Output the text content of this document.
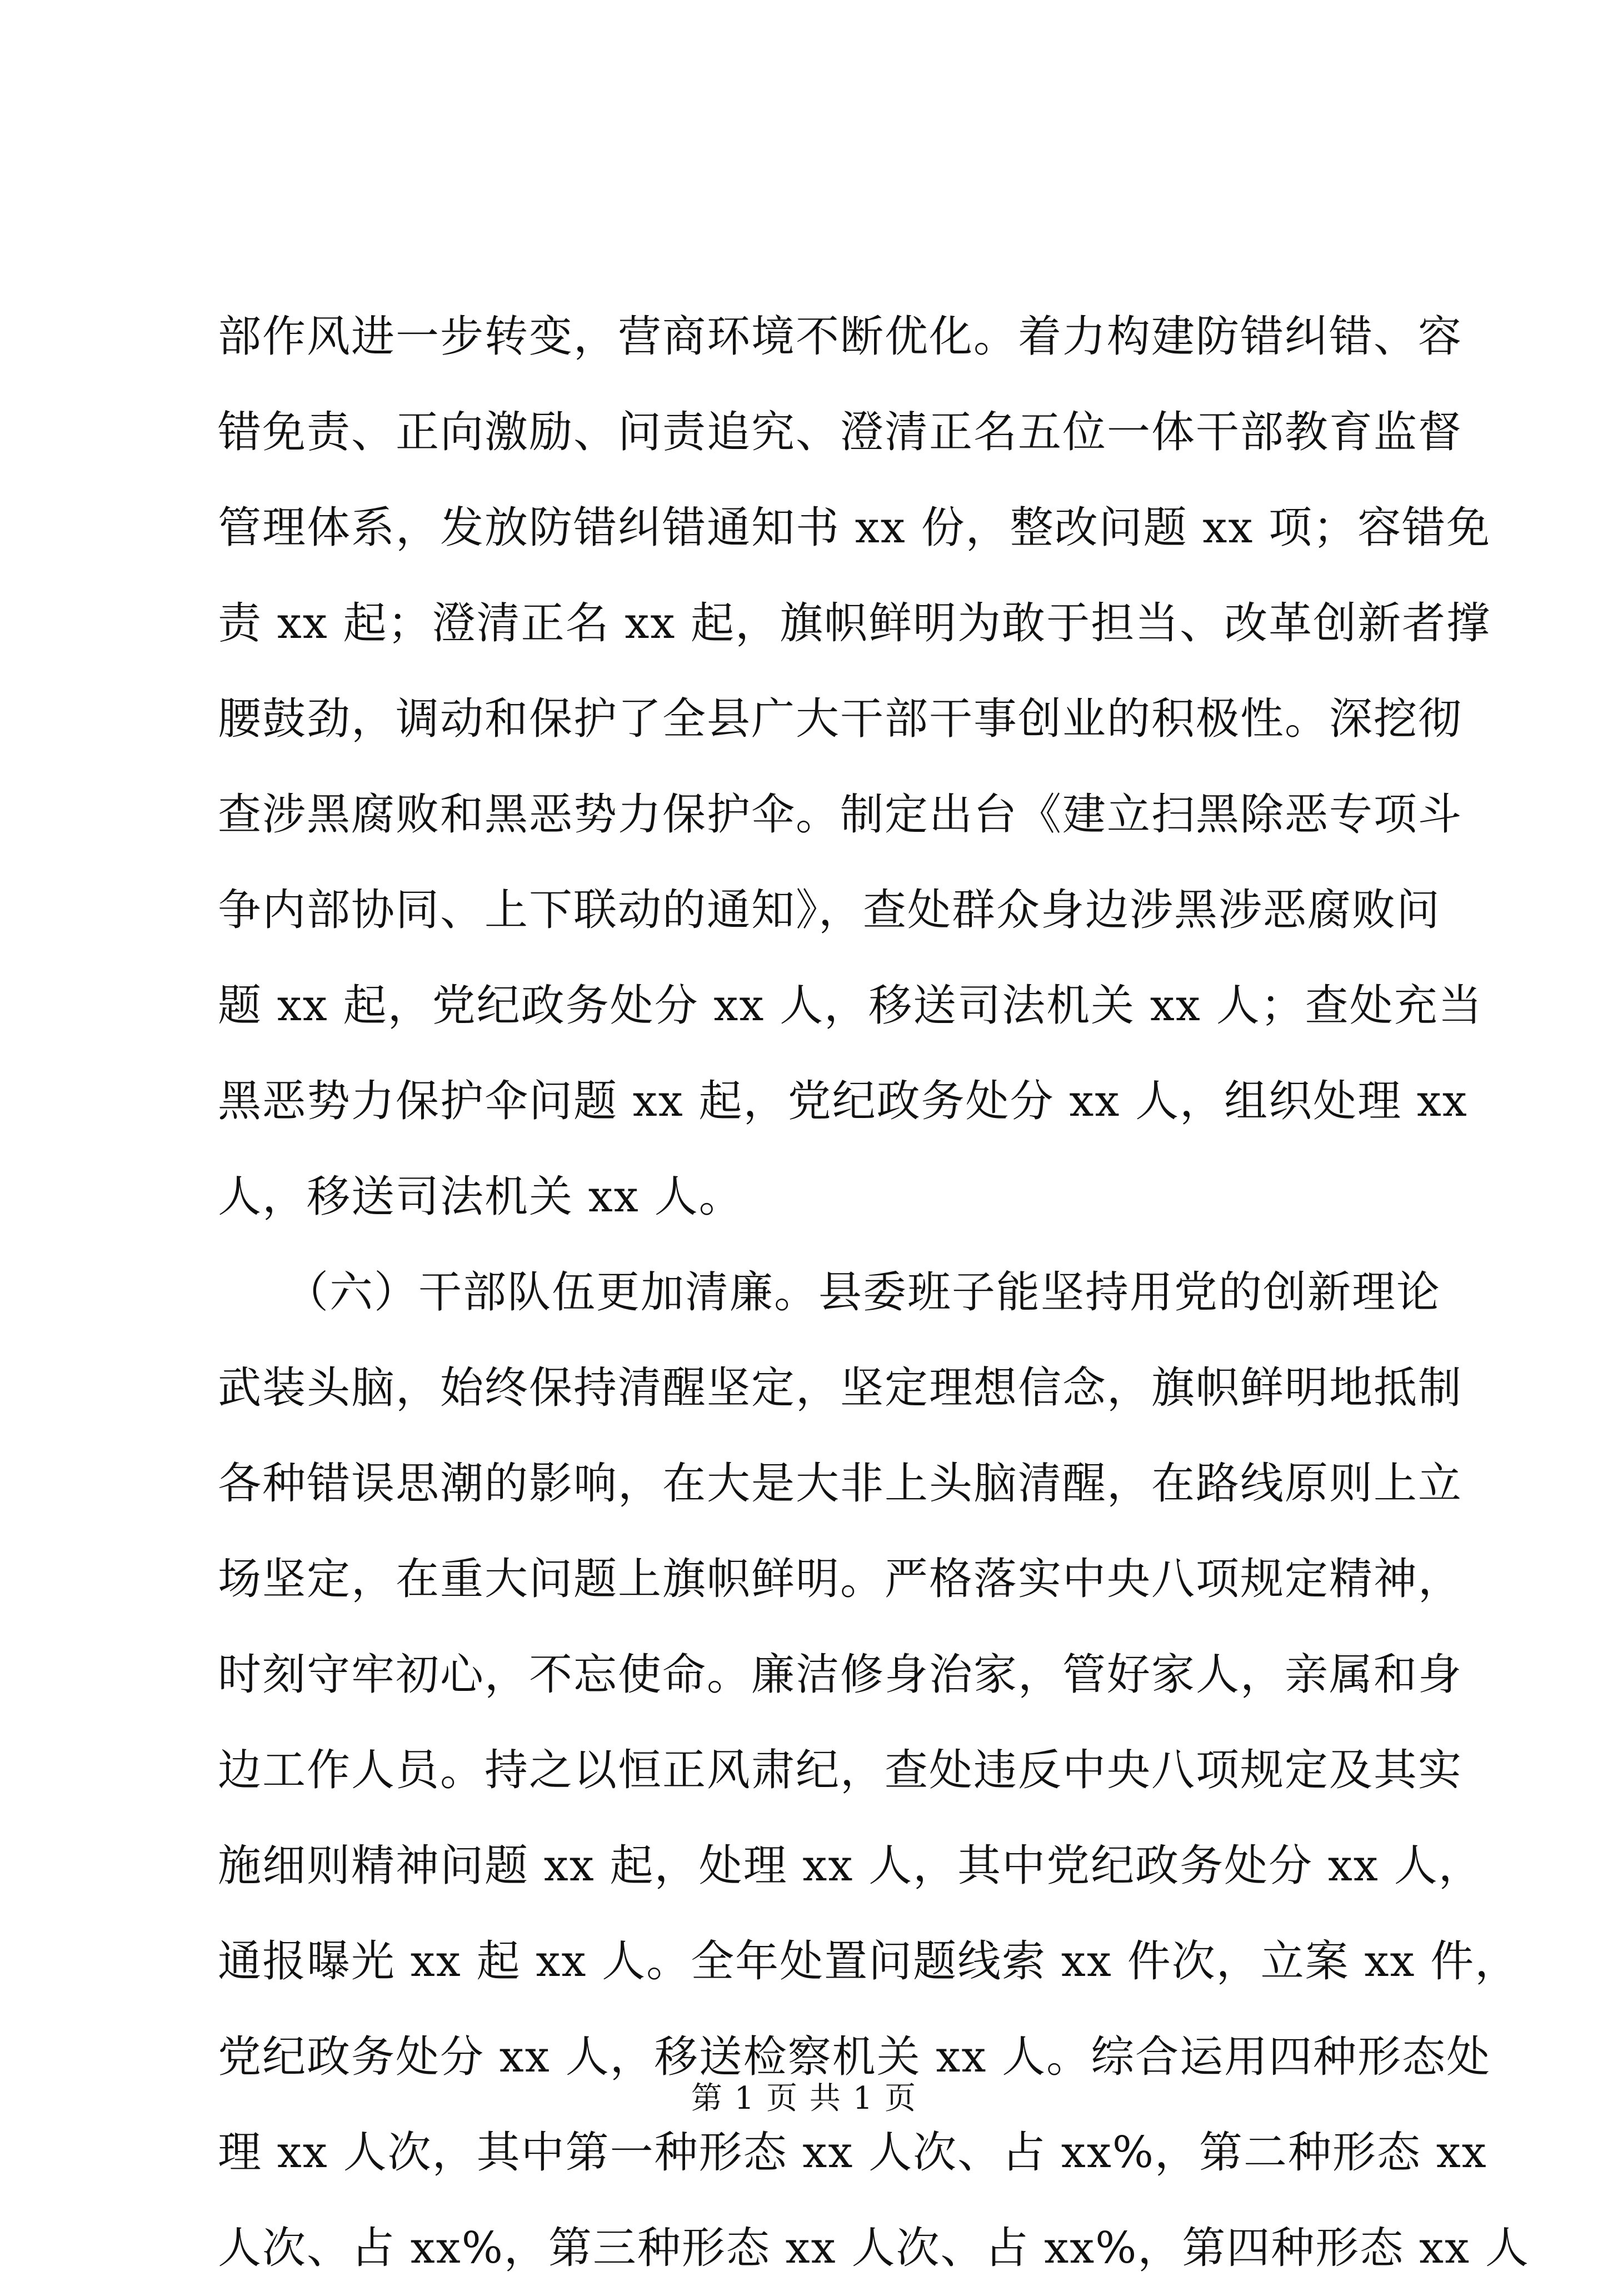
部作风进一步转变，营商环境不断优化。着力构建防错纠错、容
错免责、正向激励、问责追究、澄清正名五位一体干部教育监督
管理体系，发放防错纠错通知书 xx 份，整改问题 xx 项；容错免
责 xx 起；澄清正名 xx 起，旗帜鲜明为敢于担当、改革创新者撑
腰鼓劲，调动和保护了全县广大干部干事创业的积极性。深挖彻
查涉黑腐败和黑恶势力保护伞。制定出台《建立扫黑除恶专项斗
争内部协同、上下联动的通知》，查处群众身边涉黑涉恶腐败问
题 xx 起，党纪政务处分 xx 人，移送司法机关 xx 人；查处充当
黑恶势力保护伞问题 xx 起，党纪政务处分 xx 人，组织处理 xx
人，移送司法机关 xx 人。
　　（六）干部队伍更加清廉。县委班子能坚持用党的创新理论
武装头脑，始终保持清醒坚定，坚定理想信念，旗帜鲜明地抵制
各种错误思潮的影响，在大是大非上头脑清醒，在路线原则上立
场坚定，在重大问题上旗帜鲜明。严格落实中央八项规定精神，
时刻守牢初心，不忘使命。廉洁修身治家，管好家人，亲属和身
边工作人员。持之以恒正风肃纪，查处违反中央八项规定及其实
施细则精神问题 xx 起，处理 xx 人，其中党纪政务处分 xx 人，
通报曝光 xx 起 xx 人。全年处置问题线索 xx 件次，立案 xx 件，
党纪政务处分 xx 人，移送检察机关 xx 人。综合运用四种形态处
理 xx 人次，其中第一种形态 xx 人次、占 xx%，第二种形态 xx
人次、占 xx%，第三种形态 xx 人次、占 xx%，第四种形态 xx 人
第 1 页 共 1 页
